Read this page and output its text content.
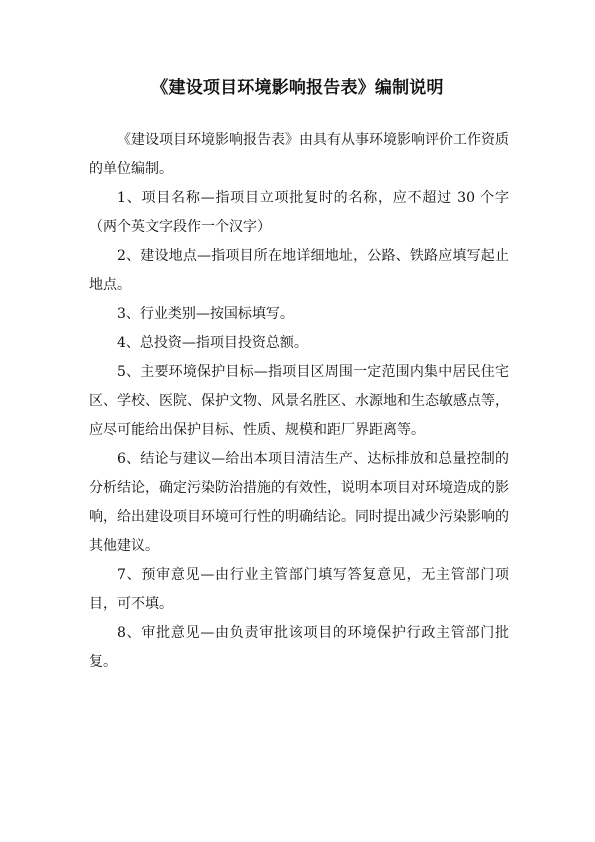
《建设项目环境影响报告表》编制说明

《建设项目环境影响报告表》由具有从事环境影响评价工作资质的单位编制。

1、项目名称—指项目立项批复时的名称，应不超过 30 个字（两个英文字段作一个汉字）

2、建设地点—指项目所在地详细地址，公路、铁路应填写起止地点。

3、行业类别—按国标填写。

4、总投资—指项目投资总额。

5、主要环境保护目标—指项目区周围一定范围内集中居民住宅区、学校、医院、保护文物、风景名胜区、水源地和生态敏感点等，应尽可能给出保护目标、性质、规模和距厂界距离等。

6、结论与建议—给出本项目清洁生产、达标排放和总量控制的分析结论，确定污染防治措施的有效性，说明本项目对环境造成的影响，给出建设项目环境可行性的明确结论。同时提出减少污染影响的其他建议。

7、预审意见—由行业主管部门填写答复意见，无主管部门项目，可不填。

8、审批意见—由负责审批该项目的环境保护行政主管部门批复。
